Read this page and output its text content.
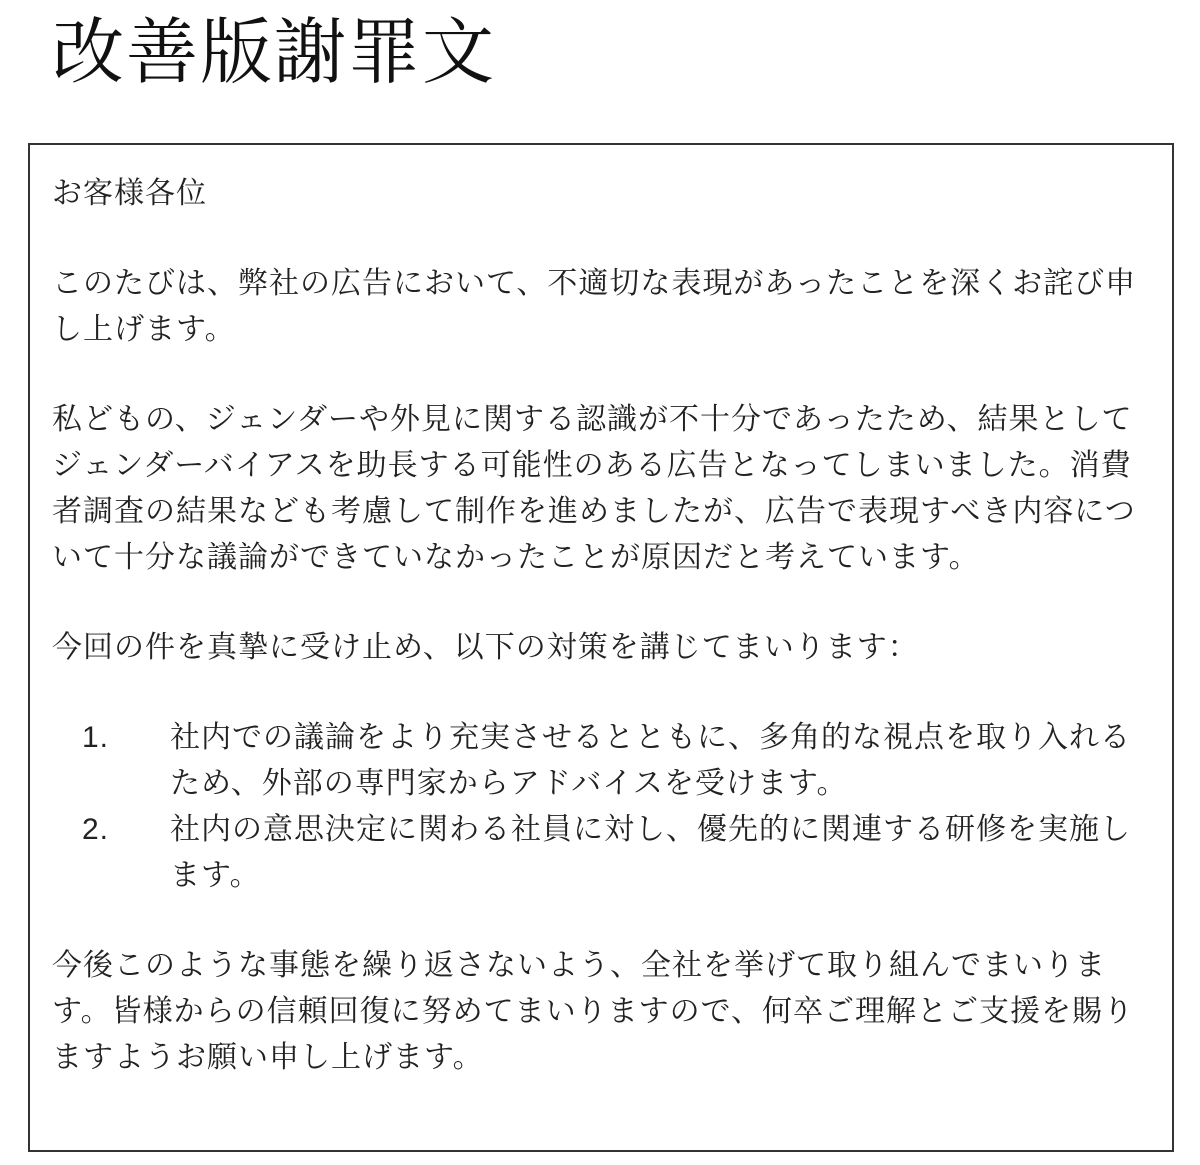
改善版謝罪文

お客様各位

このたびは、弊社の広告において、不適切な表現があったことを深くお詫び申し上げます。

私どもの、ジェンダーや外見に関する認識が不十分であったため、結果としてジェンダーバイアスを助長する可能性のある広告となってしまいました。消費者調査の結果なども考慮して制作を進めましたが、広告で表現すべき内容について十分な議論ができていなかったことが原因だと考えています。

今回の件を真摯に受け止め、以下の対策を講じてまいります：

1.	社内での議論をより充実させるとともに、多角的な視点を取り入れるため、外部の専門家からアドバイスを受けます。
2.	社内の意思決定に関わる社員に対し、優先的に関連する研修を実施します。

今後このような事態を繰り返さないよう、全社を挙げて取り組んでまいります。皆様からの信頼回復に努めてまいりますので、何卒ご理解とご支援を賜りますようお願い申し上げます。
